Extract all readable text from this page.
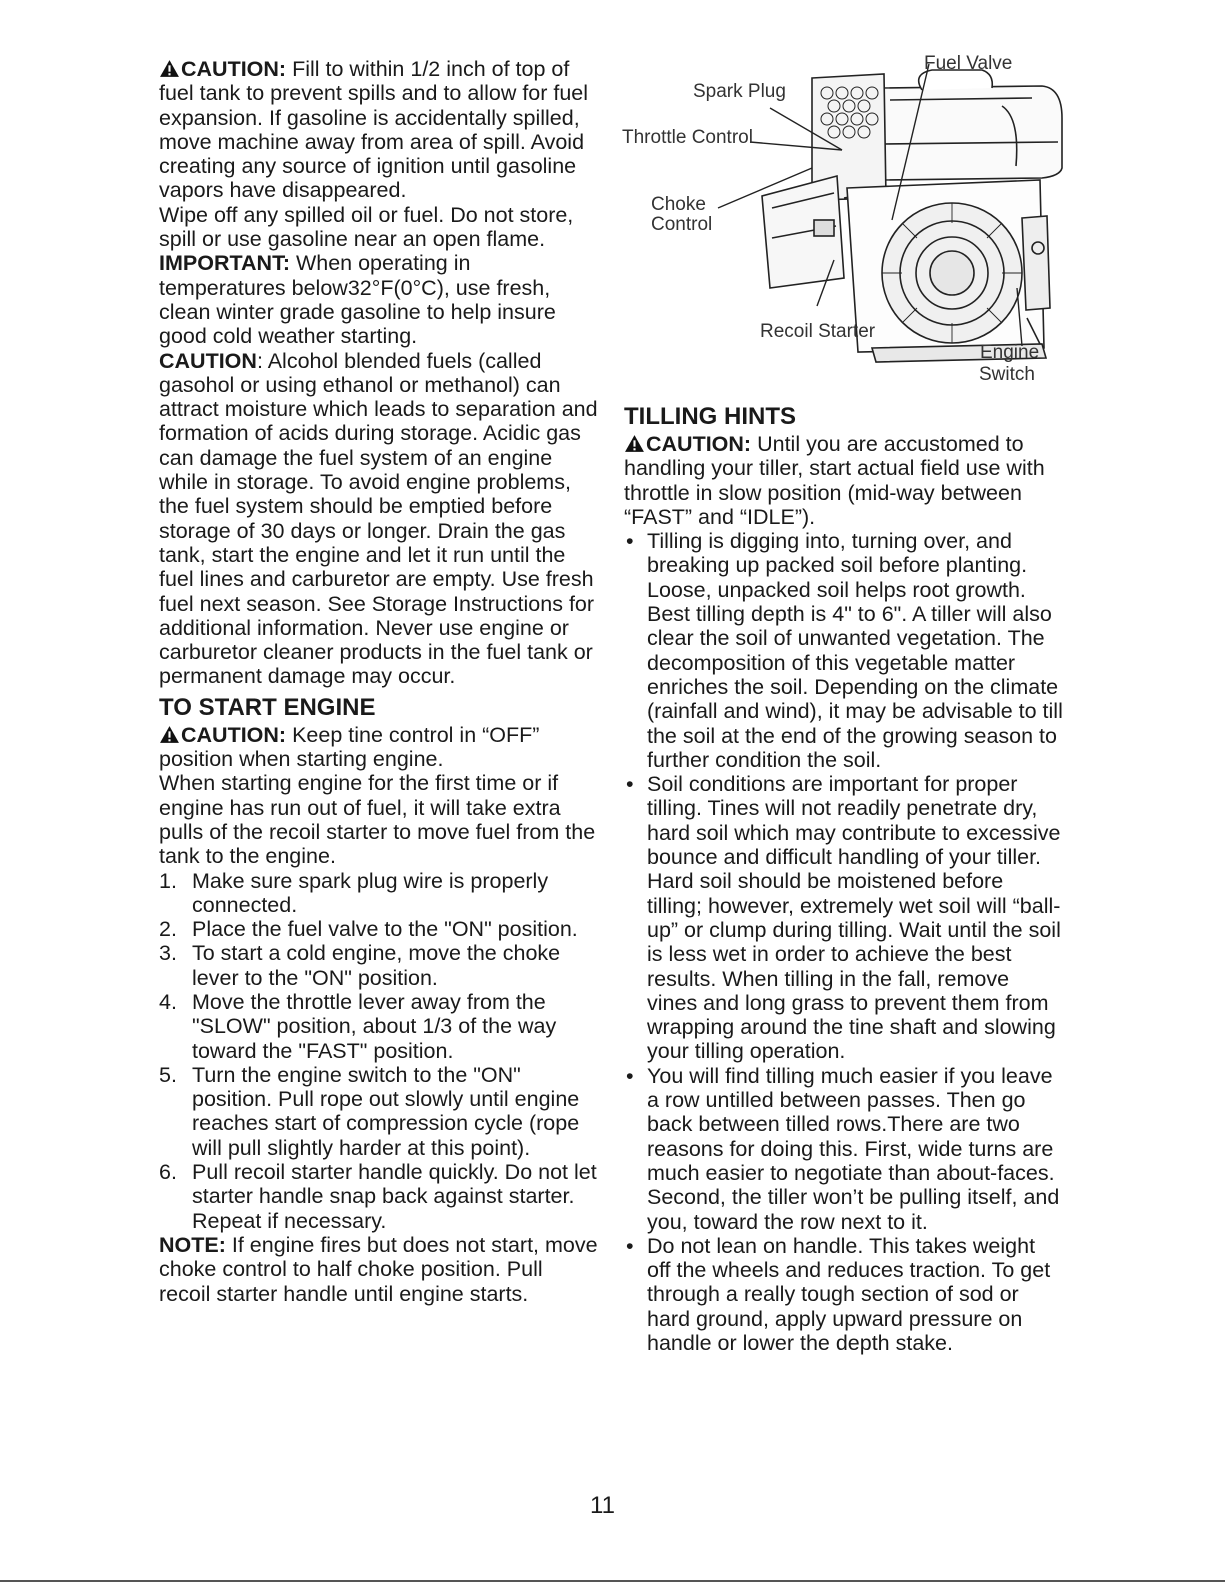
CAUTION: Fill to within 1/2 inch of top of fuel tank to prevent spills and to allow for fuel expansion. If gasoline is accidentally spilled, move machine away from area of spill. Avoid creating any source of ignition until gasoline vapors have disappeared.

Wipe off any spilled oil or fuel. Do not store, spill or use gasoline near an open flame.

IMPORTANT: When operating in temperatures below32°F(0°C), use fresh, clean winter grade gasoline to help insure good cold weather starting.

CAUTION: Alcohol blended fuels (called gasohol or using ethanol or methanol) can attract moisture which leads to separation and formation of acids during storage. Acidic gas can damage the fuel system of an engine while in storage. To avoid engine problems, the fuel system should be emptied before storage of 30 days or longer. Drain the gas tank, start the engine and let it run until the fuel lines and carburetor are empty. Use fresh fuel next season. See Storage Instructions for additional information. Never use engine or carburetor cleaner products in the fuel tank or permanent damage may occur.

TO START ENGINE

CAUTION: Keep tine control in “OFF” position when starting engine.

When starting engine for the first time or if engine has run out of fuel, it will take extra pulls of the recoil starter to move fuel from the tank to the engine.

1. Make sure spark plug wire is properly connected.
2. Place the fuel valve to the "ON" position.
3. To start a cold engine, move the choke lever to the "ON" position.
4. Move the throttle lever away from the "SLOW" position, about 1/3 of the way toward the "FAST" position.
5. Turn the engine switch to the "ON" position. Pull rope out slowly until engine reaches start of compression cycle (rope will pull slightly harder at this point).
6. Pull recoil starter handle quickly. Do not let starter handle snap back against starter. Repeat if necessary.

NOTE: If engine fires but does not start, move choke control to half choke position. Pull recoil starter handle until engine starts.

Fuel Valve
Spark Plug
Throttle Control
Choke
Control
Recoil Starter
Engine
Switch

TILLING HINTS

CAUTION: Until you are accustomed to handling your tiller, start actual field use with throttle in slow position (mid-way between “FAST” and “IDLE”).

• Tilling is digging into, turning over, and breaking up packed soil before planting. Loose, unpacked soil helps root growth. Best tilling depth is 4" to 6". A tiller will also clear the soil of unwanted vegetation. The decomposition of this vegetable matter enriches the soil. Depending on the climate (rainfall and wind), it may be advisable to till the soil at the end of the growing season to further condition the soil.
• Soil conditions are important for proper tilling. Tines will not readily penetrate dry, hard soil which may contribute to excessive bounce and difficult handling of your tiller. Hard soil should be moistened before tilling; however, extremely wet soil will “ball-up” or clump during tilling. Wait until the soil is less wet in order to achieve the best results. When tilling in the fall, remove vines and long grass to prevent them from wrapping around the tine shaft and slowing your tilling operation.
• You will find tilling much easier if you leave a row untilled between passes. Then go back between tilled rows.There are two reasons for doing this. First, wide turns are much easier to negotiate than about-faces. Second, the tiller won’t be pulling itself, and you, toward the row next to it.
• Do not lean on handle. This takes weight off the wheels and reduces traction. To get through a really tough section of sod or hard ground, apply upward pressure on handle or lower the depth stake.
11
